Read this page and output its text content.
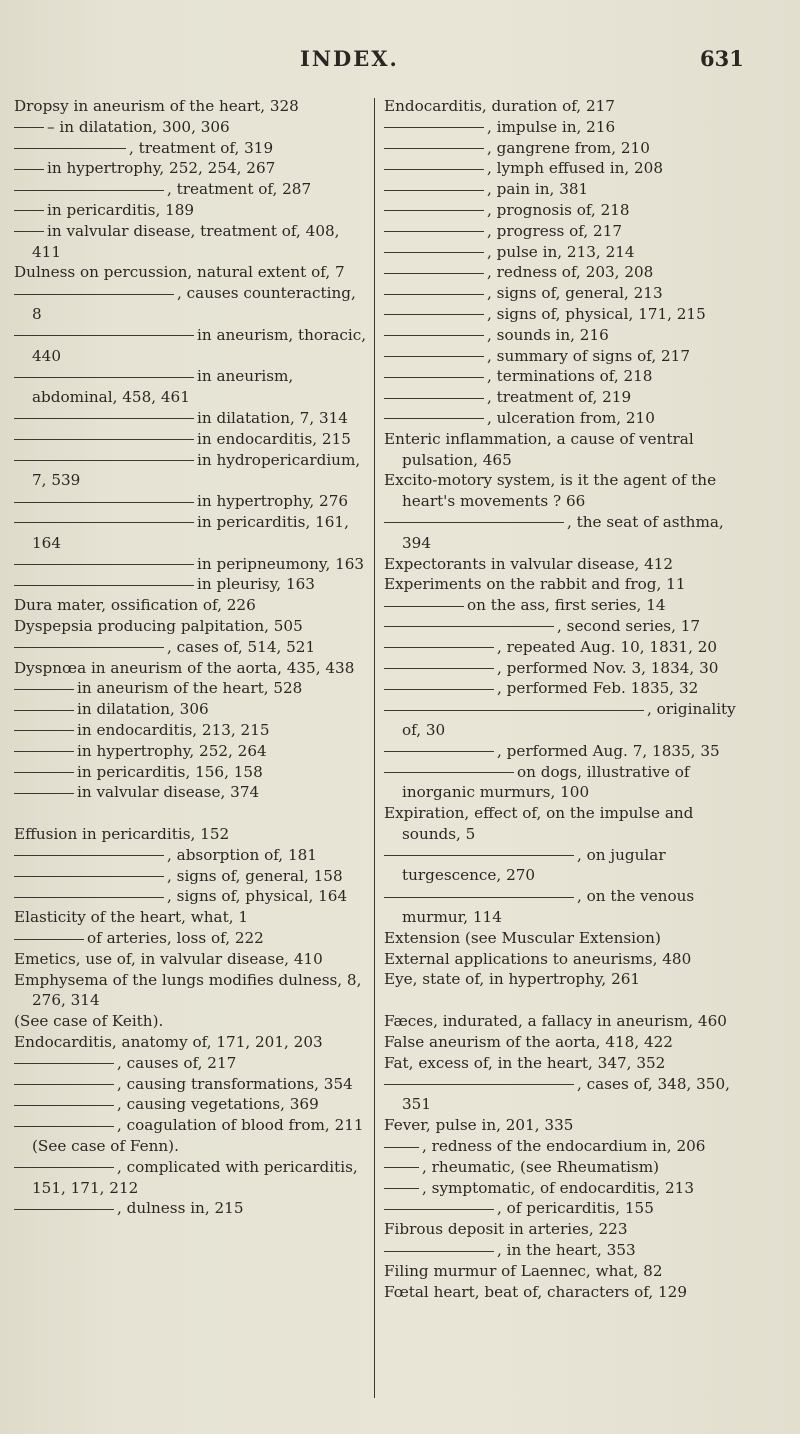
INDEX.	631
Dropsy in aneurism of the heart, 328
– in dilatation, 300, 306
, treatment of, 319
in hypertrophy, 252, 254, 267
, treatment of, 287
in pericarditis, 189
in valvular disease, treatment of, 408, 411
Dulness on percussion, natural extent of, 7
, causes counteracting, 8
in aneurism, thoracic, 440
in aneurism, abdominal, 458, 461
in dilatation, 7, 314
in endocarditis, 215
in hydropericardium, 7, 539
in hypertrophy, 276
in pericarditis, 161, 164
in peripneumony, 163
in pleurisy, 163
Dura mater, ossification of, 226
Dyspepsia producing palpitation, 505
, cases of, 514, 521
Dyspnœa in aneurism of the aorta, 435, 438
in aneurism of the heart, 528
in dilatation, 306
in endocarditis, 213, 215
in hypertrophy, 252, 264
in pericarditis, 156, 158
in valvular disease, 374
Effusion in pericarditis, 152
, absorption of, 181
, signs of, general, 158
, signs of, physical, 164
Elasticity of the heart, what, 1
of arteries, loss of, 222
Emetics, use of, in valvular disease, 410
Emphysema of the lungs modifies dulness, 8, 276, 314
(See case of Keith).
Endocarditis, anatomy of, 171, 201, 203
, causes of, 217
, causing transformations, 354
, causing vegetations, 369
, coagulation of blood from, 211 (See case of Fenn).
, complicated with pericarditis, 151, 171, 212
, dulness in, 215
Endocarditis, duration of, 217
, impulse in, 216
, gangrene from, 210
, lymph effused in, 208
, pain in, 381
, prognosis of, 218
, progress of, 217
, pulse in, 213, 214
, redness of, 203, 208
, signs of, general, 213
, signs of, physical, 171, 215
, sounds in, 216
, summary of signs of, 217
, terminations of, 218
, treatment of, 219
, ulceration from, 210
Enteric inflammation, a cause of ventral pulsation, 465
Excito-motory system, is it the agent of the heart's movements ? 66
, the seat of asthma, 394
Expectorants in valvular disease, 412
Experiments on the rabbit and frog, 11
on the ass, first series, 14
, second series, 17
, repeated Aug. 10, 1831, 20
, performed Nov. 3, 1834, 30
, performed Feb. 1835, 32
, originality of, 30
, performed Aug. 7, 1835, 35
on dogs, illustrative of inorganic murmurs, 100
Expiration, effect of, on the impulse and sounds, 5
, on jugular turgescence, 270
, on the venous murmur, 114
Extension (see Muscular Extension)
External applications to aneurisms, 480
Eye, state of, in hypertrophy, 261
Fæces, indurated, a fallacy in aneurism, 460
False aneurism of the aorta, 418, 422
Fat, excess of, in the heart, 347, 352
, cases of, 348, 350, 351
Fever, pulse in, 201, 335
, redness of the endocardium in, 206
, rheumatic, (see Rheumatism)
, symptomatic, of endocarditis, 213
, of pericarditis, 155
Fibrous deposit in arteries, 223
, in the heart, 353
Filing murmur of Laennec, what, 82
Fœtal heart, beat of, characters of, 129
